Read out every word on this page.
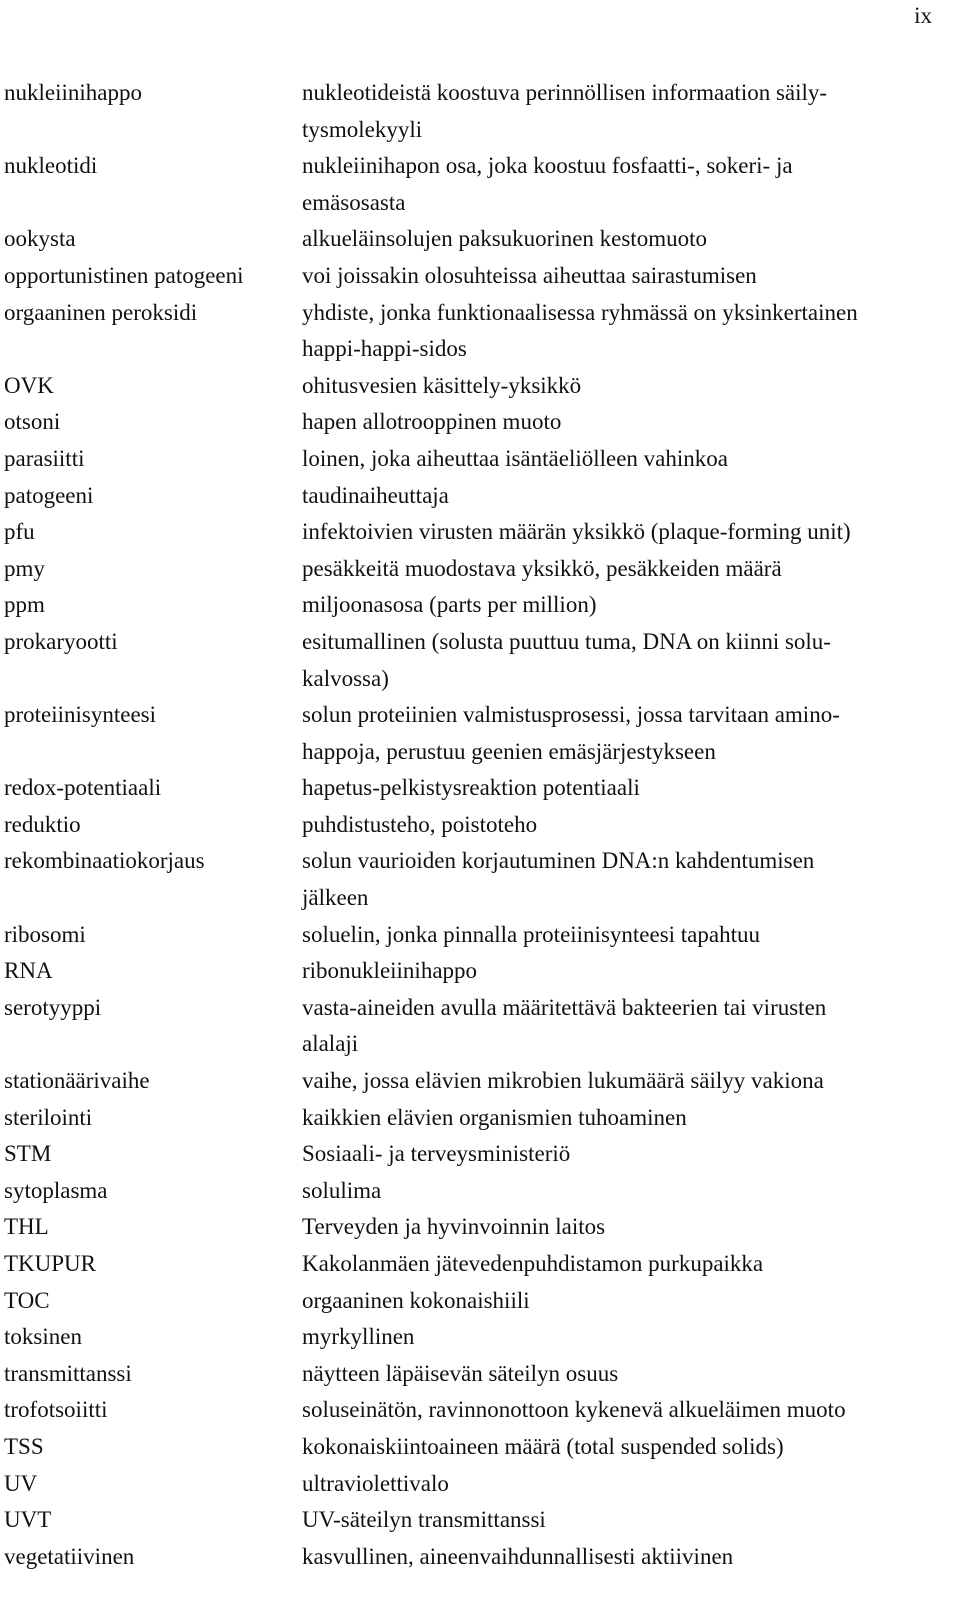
ix
nukleiinihappo	nukleotideistä koostuva perinnöllisen informaation säily-
tysmolekyyli
nukleotidi	nukleiinihapon osa, joka koostuu fosfaatti-, sokeri- ja
emäsosasta
ookysta	alkueläinsolujen paksukuorinen kestomuoto
opportunistinen patogeeni	voi joissakin olosuhteissa aiheuttaa sairastumisen
orgaaninen peroksidi	yhdiste, jonka funktionaalisessa ryhmässä on yksinkertainen
happi-happi-sidos
OVK	ohitusvesien käsittely-yksikkö
otsoni	hapen allotrooppinen muoto
parasiitti	loinen, joka aiheuttaa isäntäeliölleen vahinkoa
patogeeni	taudinaiheuttaja
pfu	infektoivien virusten määrän yksikkö (plaque-forming unit)
pmy	pesäkkeitä muodostava yksikkö, pesäkkeiden määrä
ppm	miljoonasosa (parts per million)
prokaryootti	esitumallinen (solusta puuttuu tuma, DNA on kiinni solu-
kalvossa)
proteiinisynteesi	solun proteiinien valmistusprosessi, jossa tarvitaan amino-
happoja, perustuu geenien emäsjärjestykseen
redox-potentiaali	hapetus-pelkistysreaktion potentiaali
reduktio	puhdistusteho, poistoteho
rekombinaatiokorjaus	solun vaurioiden korjautuminen DNA:n kahdentumisen
jälkeen
ribosomi	soluelin, jonka pinnalla proteiinisynteesi tapahtuu
RNA	ribonukleiinihappo
serotyyppi	vasta-aineiden avulla määritettävä bakteerien tai virusten
alalaji
stationäärivaihe	vaihe, jossa elävien mikrobien lukumäärä säilyy vakiona
sterilointi	kaikkien elävien organismien tuhoaminen
STM	Sosiaali- ja terveysministeriö
sytoplasma	solulima
THL	Terveyden ja hyvinvoinnin laitos
TKUPUR	Kakolanmäen jätevedenpuhdistamon purkupaikka
TOC	orgaaninen kokonaishiili
toksinen	myrkyllinen
transmittanssi	näytteen läpäisevän säteilyn osuus
trofotsoiitti	soluseinätön, ravinnonottoon kykenevä alkueläimen muoto
TSS	kokonaiskiintoaineen määrä (total suspended solids)
UV	ultraviolettivalo
UVT	UV-säteilyn transmittanssi
vegetatiivinen	kasvullinen, aineenvaihdunnallisesti aktiivinen
